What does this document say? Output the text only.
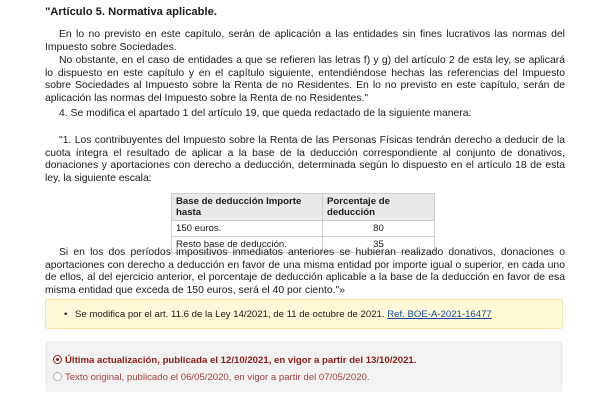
"Artículo 5. Normativa aplicable.
En lo no previsto en este capítulo, serán de aplicación a las entidades sin fines lucrativos las normas del Impuesto sobre Sociedades.
No obstante, en el caso de entidades a que se refieren las letras f) y g) del artículo 2 de esta ley, se aplicará lo dispuesto en este capítulo y en el capítulo siguiente, entendiéndose hechas las referencias del Impuesto sobre Sociedades al Impuesto sobre la Renta de no Residentes. En lo no previsto en este capítulo, serán de aplicación las normas del Impuesto sobre la Renta de no Residentes."
4. Se modifica el apartado 1 del artículo 19, que queda redactado de la siguiente manera:
"1. Los contribuyentes del Impuesto sobre la Renta de las Personas Físicas tendrán derecho a deducir de la cuota íntegra el resultado de aplicar a la base de la deducción correspondiente al conjunto de donativos, donaciones y aportaciones con derecho a deducción, determinada según lo dispuesto en el artículo 18 de esta ley, la siguiente escala:
Base de deducción Importe hasta	Porcentaje de deducción
150 euros.	80
Resto base de deducción.	35
Si en los dos períodos impositivos inmediatos anteriores se hubieran realizado donativos, donaciones o aportaciones con derecho a deducción en favor de una misma entidad por importe igual o superior, en cada uno de ellos, al del ejercicio anterior, el porcentaje de deducción aplicable a la base de la deducción en favor de esa misma entidad que exceda de 150 euros, será el 40 por ciento."»
• Se modifica por el art. 11.6 de la Ley 14/2021, de 11 de octubre de 2021. Ref. BOE-A-2021-16477
Última actualización, publicada el 12/10/2021, en vigor a partir del 13/10/2021.
Texto original, publicado el 06/05/2020, en vigor a partir del 07/05/2020.
